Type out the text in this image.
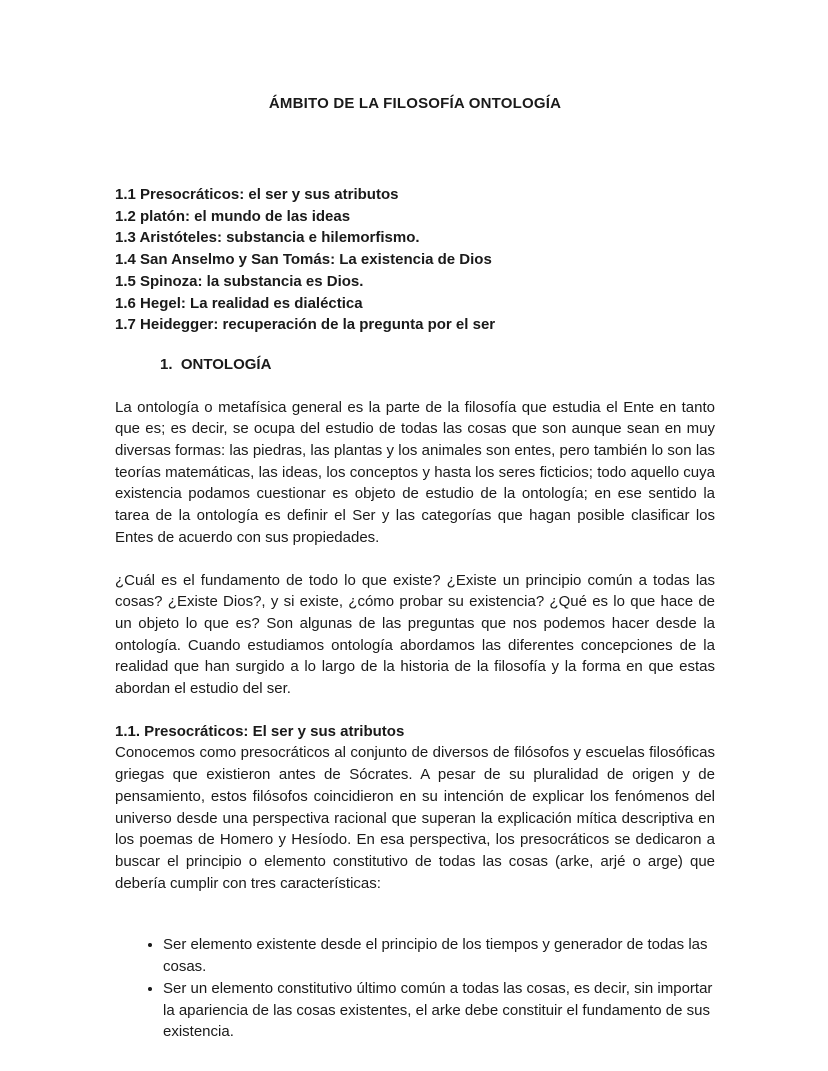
ÁMBITO DE LA FILOSOFÍA ONTOLOGÍA

1.1 Presocráticos: el ser y sus atributos

1.2 platón: el mundo de las ideas

1.3 Aristóteles: substancia e hilemorfismo.

1.4 San Anselmo y San Tomás: La existencia de Dios

1.5 Spinoza: la substancia es Dios.

1.6 Hegel: La realidad es dialéctica

1.7 Heidegger: recuperación de la pregunta por el ser

1.  ONTOLOGÍA

La ontología o metafísica general es la parte de la filosofía que estudia el Ente en tanto que es; es decir, se ocupa del estudio de todas las cosas que son aunque sean en muy diversas formas: las piedras, las plantas y los animales son entes, pero también lo son las teorías matemáticas, las ideas, los conceptos y hasta los seres ficticios; todo aquello cuya existencia podamos cuestionar es objeto de estudio de la ontología; en ese sentido la tarea de la ontología es definir el Ser y las categorías que hagan posible clasificar los Entes de acuerdo con sus propiedades.

¿Cuál es el fundamento de todo lo que existe? ¿Existe un principio común a todas las cosas? ¿Existe Dios?, y si existe, ¿cómo probar su existencia? ¿Qué es lo que hace de un objeto lo que es? Son algunas de las preguntas que nos podemos hacer desde la ontología. Cuando estudiamos ontología abordamos las diferentes concepciones de la realidad que han surgido a lo largo de la historia de la filosofía y la forma en que estas abordan el estudio del ser.

1.1. Presocráticos: El ser y sus atributos

Conocemos como presocráticos al conjunto de diversos de filósofos y escuelas filosóficas griegas que existieron antes de Sócrates. A pesar de su pluralidad de origen y de pensamiento, estos filósofos coincidieron en su intención de explicar los fenómenos del universo desde una perspectiva racional que superan la explicación mítica descriptiva en los poemas de Homero y Hesíodo. En esa perspectiva, los presocráticos se dedicaron a buscar el principio o elemento constitutivo de todas las cosas (arke, arjé o arge) que debería cumplir con tres características:

• Ser elemento existente desde el principio de los tiempos y generador de todas las cosas.
• Ser un elemento constitutivo último común a todas las cosas, es decir, sin importar la apariencia de las cosas existentes, el arke debe constituir el fundamento de sus existencia.
